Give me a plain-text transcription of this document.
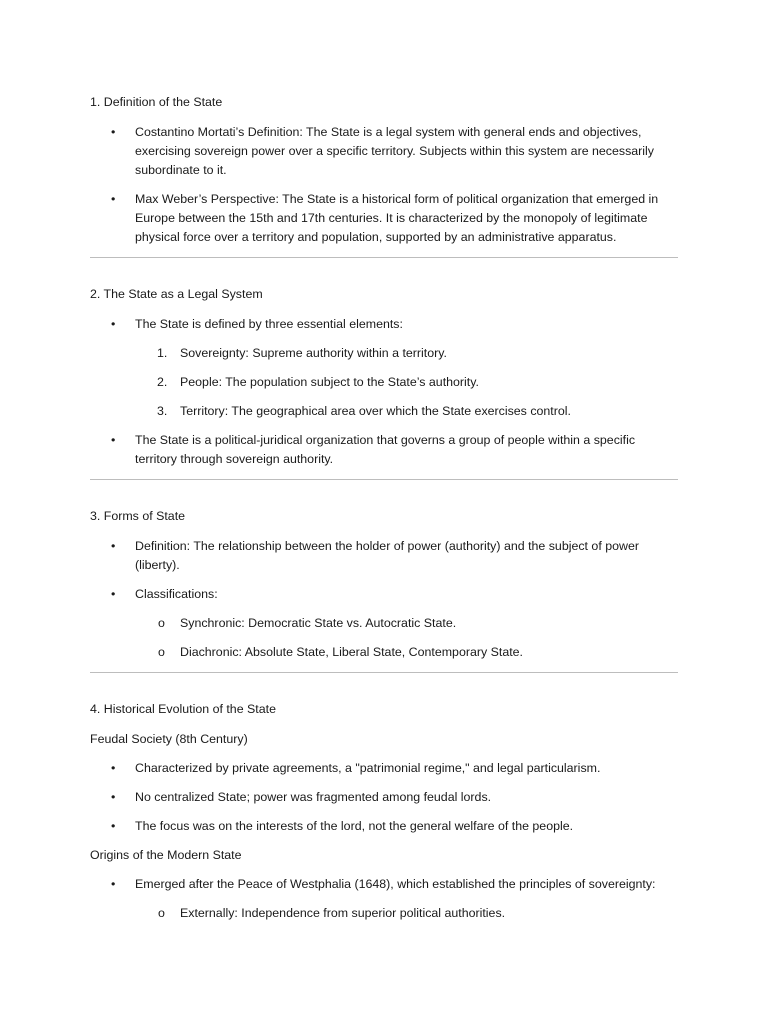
1. Definition of the State
• Costantino Mortati’s Definition: The State is a legal system with general ends and objectives, exercising sovereign power over a specific territory. Subjects within this system are necessarily subordinate to it.
• Max Weber’s Perspective: The State is a historical form of political organization that emerged in Europe between the 15th and 17th centuries. It is characterized by the monopoly of legitimate physical force over a territory and population, supported by an administrative apparatus.
2. The State as a Legal System
• The State is defined by three essential elements:
1. Sovereignty: Supreme authority within a territory.
2. People: The population subject to the State’s authority.
3. Territory: The geographical area over which the State exercises control.
• The State is a political-juridical organization that governs a group of people within a specific territory through sovereign authority.
3. Forms of State
• Definition: The relationship between the holder of power (authority) and the subject of power (liberty).
• Classifications:
o Synchronic: Democratic State vs. Autocratic State.
o Diachronic: Absolute State, Liberal State, Contemporary State.
4. Historical Evolution of the State
Feudal Society (8th Century)
• Characterized by private agreements, a "patrimonial regime," and legal particularism.
• No centralized State; power was fragmented among feudal lords.
• The focus was on the interests of the lord, not the general welfare of the people.
Origins of the Modern State
• Emerged after the Peace of Westphalia (1648), which established the principles of sovereignty:
o Externally: Independence from superior political authorities.
